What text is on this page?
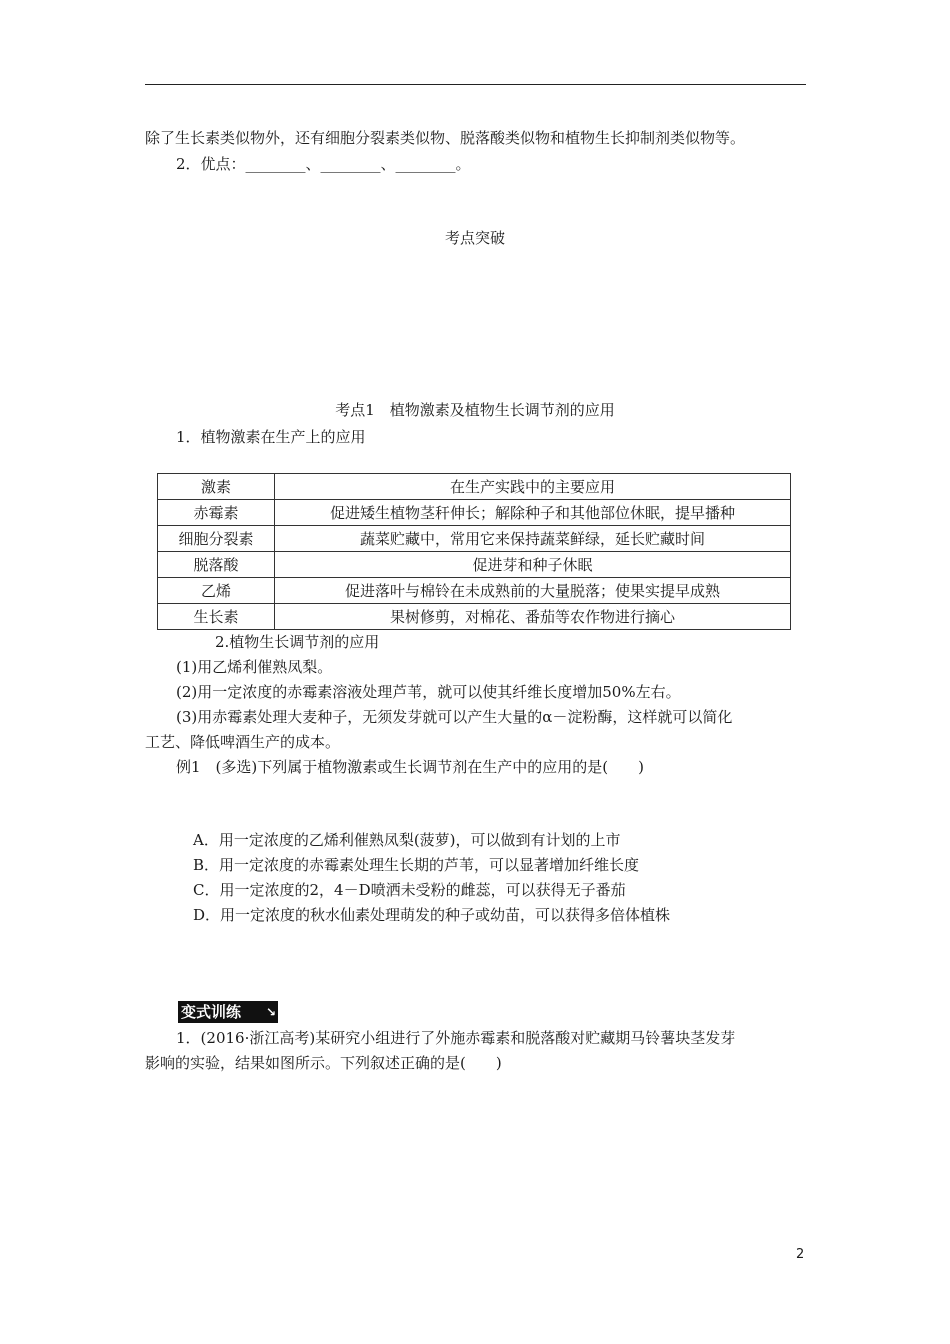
除了生长素类似物外，还有细胞分裂素类似物、脱落酸类似物和植物生长抑制剂类似物等。
2．优点：________、________、________。
考点突破
考点1　植物激素及植物生长调节剂的应用
1．植物激素在生产上的应用
激素	在生产实践中的主要应用
赤霉素	促进矮生植物茎秆伸长；解除种子和其他部位休眠，提早播种
细胞分裂素	蔬菜贮藏中，常用它来保持蔬菜鲜绿，延长贮藏时间
脱落酸	促进芽和种子休眠
乙烯	促进落叶与棉铃在未成熟前的大量脱落；使果实提早成熟
生长素	果树修剪，对棉花、番茄等农作物进行摘心
2.植物生长调节剂的应用
(1)用乙烯利催熟凤梨。
(2)用一定浓度的赤霉素溶液处理芦苇，就可以使其纤维长度增加50%左右。
(3)用赤霉素处理大麦种子，无须发芽就可以产生大量的α－淀粉酶，这样就可以简化
工艺、降低啤酒生产的成本。
例1　(多选)下列属于植物激素或生长调节剂在生产中的应用的是(　　)
A．用一定浓度的乙烯利催熟凤梨(菠萝)，可以做到有计划的上市
B．用一定浓度的赤霉素处理生长期的芦苇，可以显著增加纤维长度
C．用一定浓度的2，4－D喷洒未受粉的雌蕊，可以获得无子番茄
D．用一定浓度的秋水仙素处理萌发的种子或幼苗，可以获得多倍体植株
变式训练 ↘
1．(2016·浙江高考)某研究小组进行了外施赤霉素和脱落酸对贮藏期马铃薯块茎发芽
影响的实验，结果如图所示。下列叙述正确的是(　　)
2
